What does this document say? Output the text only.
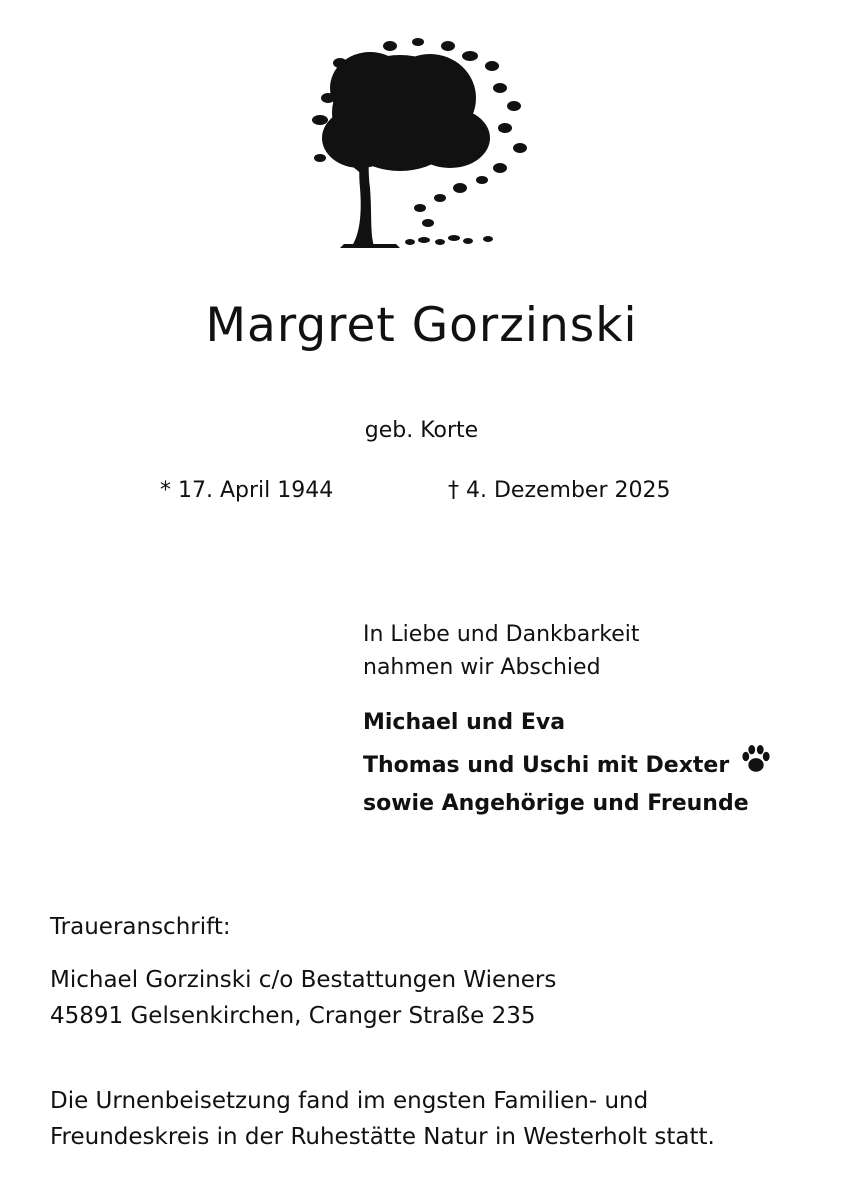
Margret Gorzinski
geb. Korte
* 17. April 1944	† 4. Dezember 2025
In Liebe und Dankbarkeit
nahmen wir Abschied
Michael und Eva
Thomas und Uschi mit Dexter
sowie Angehörige und Freunde
Traueranschrift:
Michael Gorzinski c/o Bestattungen Wieners
45891 Gelsenkirchen, Cranger Straße 235
Die Urnenbeisetzung fand im engsten Familien- und
Freundeskreis in der Ruhestätte Natur in Westerholt statt.
